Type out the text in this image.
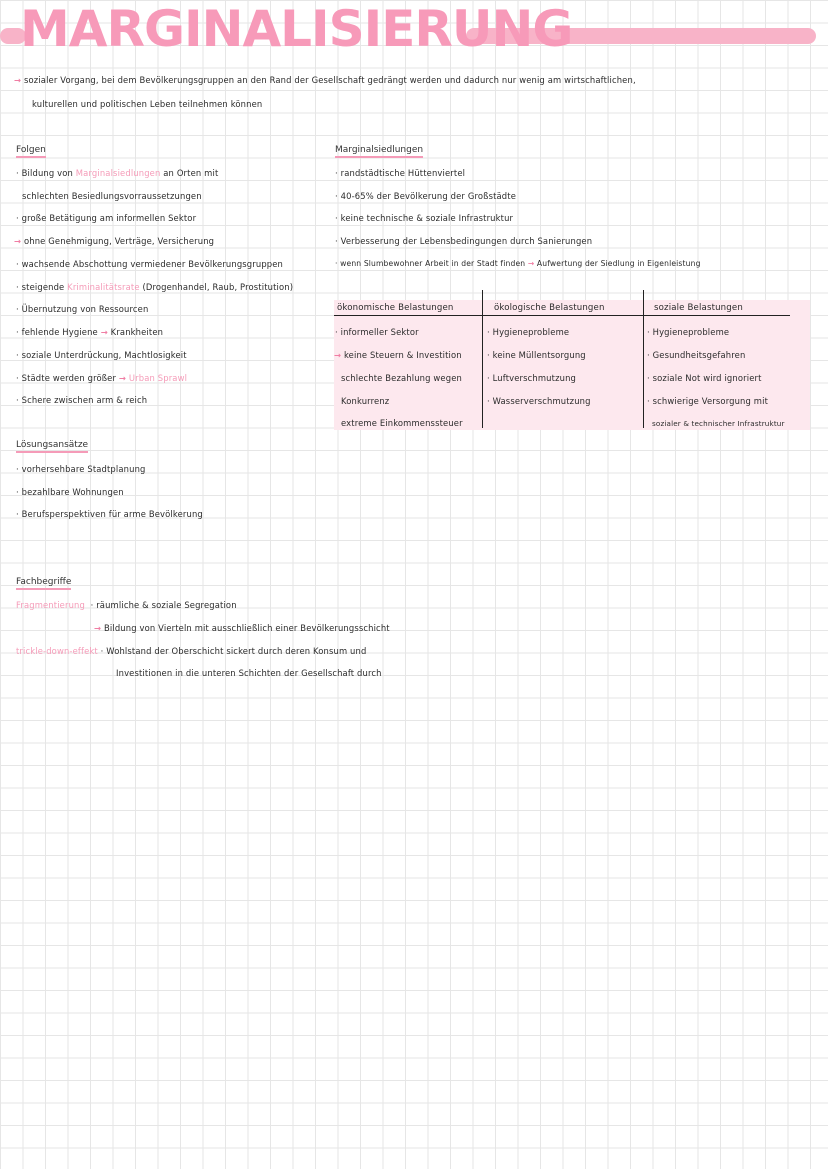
MARGINALISIERUNG
→ sozialer Vorgang, bei dem Bevölkerungsgruppen an den Rand der Gesellschaft gedrängt werden und dadurch nur wenig am wirtschaftlichen,
kulturellen und politischen Leben teilnehmen können
Folgen
· Bildung von Marginalsiedlungen an Orten mit
schlechten Besiedlungsvorraussetzungen
· große Betätigung am informellen Sektor
→ ohne Genehmigung, Verträge, Versicherung
· wachsende Abschottung vermiedener Bevölkerungsgruppen
· steigende Kriminalitätsrate (Drogenhandel, Raub, Prostitution)
· Übernutzung von Ressourcen
· fehlende Hygiene → Krankheiten
· soziale Unterdrückung, Machtlosigkeit
· Städte werden größer → Urban Sprawl
· Schere zwischen arm & reich
Marginalsiedlungen
· randstädtische Hüttenviertel
· 40-65% der Bevölkerung der Großstädte
· keine technische & soziale Infrastruktur
· Verbesserung der Lebensbedingungen durch Sanierungen
· wenn Slumbewohner Arbeit in der Stadt finden → Aufwertung der Siedlung in Eigenleistung
ökonomische Belastungen	ökologische Belastungen	soziale Belastungen
· informeller Sektor
→ keine Steuern & Investition
schlechte Bezahlung wegen
Konkurrenz
extreme Einkommenssteuer
· Hygieneprobleme
· keine Müllentsorgung
· Luftverschmutzung
· Wasserverschmutzung
· Hygieneprobleme
· Gesundheitsgefahren
· soziale Not wird ignoriert
· schwierige Versorgung mit
sozialer & technischer Infrastruktur
Lösungsansätze
· vorhersehbare Stadtplanung
· bezahlbare Wohnungen
· Berufsperspektiven für arme Bevölkerung
Fachbegriffe
Fragmentierung  · räumliche & soziale Segregation
→ Bildung von Vierteln mit ausschließlich einer Bevölkerungsschicht
trickle-down-effekt · Wohlstand der Oberschicht sickert durch deren Konsum und
Investitionen in die unteren Schichten der Gesellschaft durch
